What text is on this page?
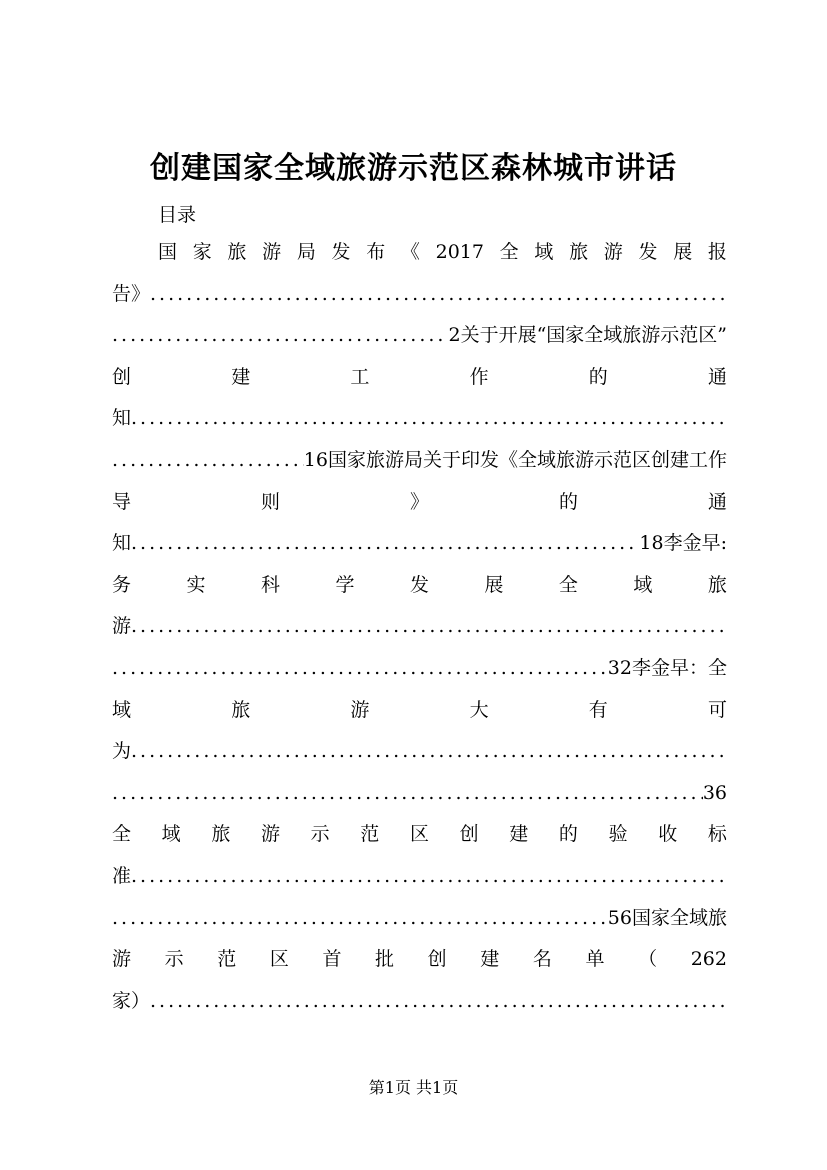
创建国家全域旅游示范区森林城市讲话

目录

国 家 旅 游 局 发 布 《 2017 全 域 旅 游 发 展 报
告》
.....
.....
2 关于开展“国家全域旅游示范区”
创	建	工	作	的	通
知
.....
.....
16 国家旅游局关于印发《全域旅游示范区创建工作
导	则	》	的	通
知
.....	18 李金早:
务	实	科	学	发	展	全	域	旅
游
.....
.....
32 李金早：全
域	旅	游	大	有	可
为
.....
.....
36
全 域 旅 游 示 范 区 创 建 的 验 收 标
准
.....
.....
56 国家全域旅
游 示 范 区 首 批 创 建 名 单 （ 262
家）
.....
第1页 共1页
